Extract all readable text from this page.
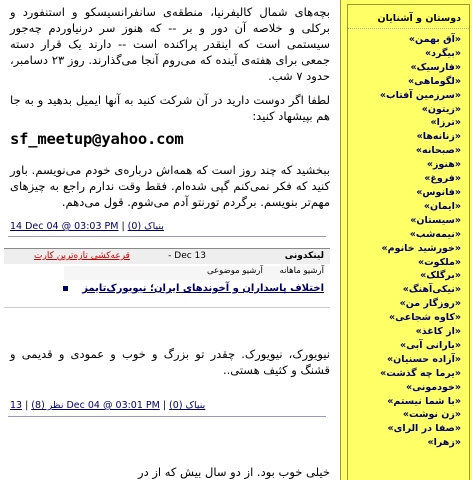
بچه‌های شمال کالیفرنیا، منطقه‌ی سانفرانسیسکو و استنفورد و برکلی و خلاصه آن دور و بر -- که هنوز سر درنیاوردم چه‌جور سیستمی است که اینقدر پراکنده است -- دارند یک قرار دسته جمعی برای هفته‌ی آینده که می‌روم آنجا می‌گذارند. روز ۲۳ دسامبر، حدود ۷ شب.

لطفا اگر دوست دارید در آن شرکت کنید به آنها ایمیل بدهید و به جا هم بپیشهاد کنید:

sf_meetup@yahoo.com

ببخشید که چند روز است که همه‌اش درباره‌ی خودم می‌نویسم. باور کنید که فکر نمی‌کنم گپی شده‌ام. فقط وقت ندارم راجع به چیزهای مهم‌تر بنویسم. برگردم تورنتو آدم می‌شوم. قول می‌دهم.

14 Dec 04 @ 03:03 PM | بنیاک (0)
لینکدونی
- Dec 13
قرعه‌کشی تازه‌ترین کارت
آرشیو ماهانه آرشیو موضوعی
اختلاف پاسداران و آخوندهای ایران؛ نیویورک‌تایمز

نیویورک، نیویورک. چقدر تو بزرگ و خوب و عمودی و قدیمی و قشنگ و کثیف هستی..

نظر (8)|13 Dec 04 @ 03:01 PM | بنیاک (0)

خیلی خوب بود. از دو سال بیش که از در

دوستان و آشنایان
«آق بهمن»
«بیگرد»
«فارسیک»
«لگوماهی»
«سرزمین آفتاب»
«زیتون»
«ترزا»
«زنانه‌ها»
«صبحانه»
«هنوز»
«فروغ»
«فانوس»
«ایمان»
«سیستان»
«نیمه‌شب»
«خورشید خانوم»
«ملکوت»
«برگلک»
«نیکی‌آهنگ»
«روزگار من»
«کاوه شجاعی»
«از کاغذ»
«یارانی آبی»
«آزاده حسنیان»
«یرما چه گذشت»
«خودمونی»
«با شما نیستم»
«زن نوشت»
«صفا در الرای»
«زهرا»
